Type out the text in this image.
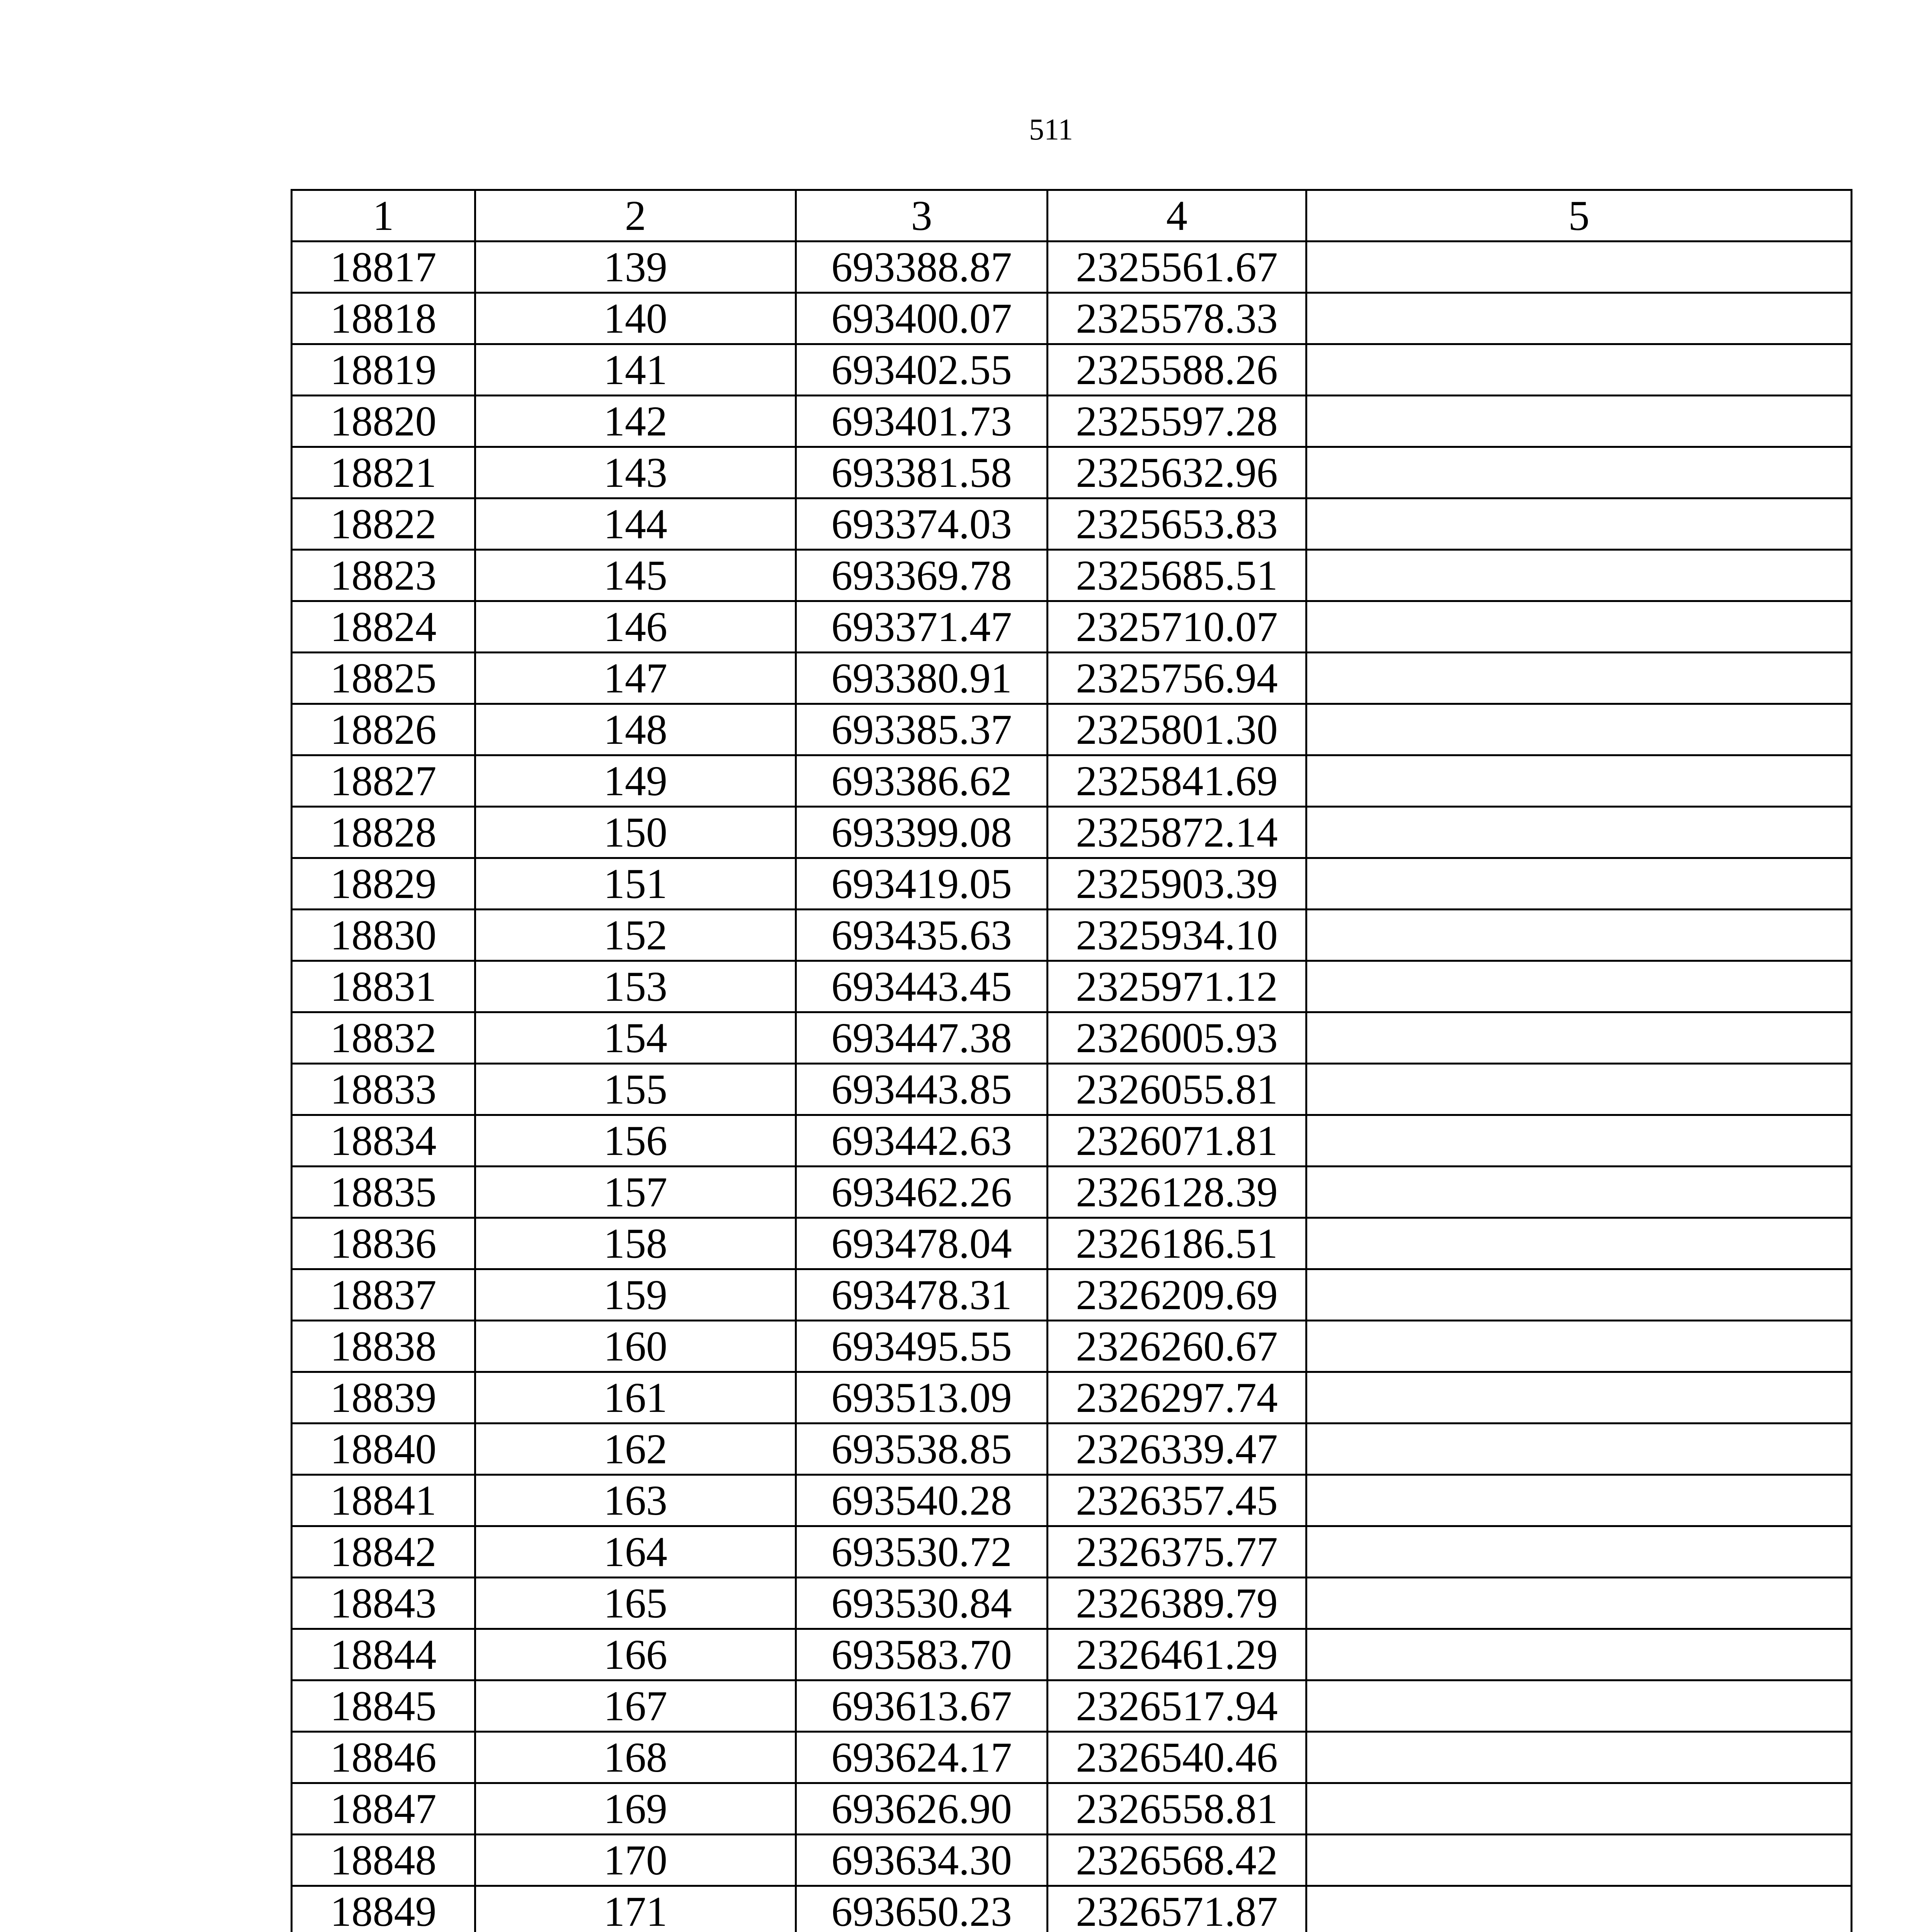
511
1	2	3	4	5
18817	139	693388.87	2325561.67	
18818	140	693400.07	2325578.33	
18819	141	693402.55	2325588.26	
18820	142	693401.73	2325597.28	
18821	143	693381.58	2325632.96	
18822	144	693374.03	2325653.83	
18823	145	693369.78	2325685.51	
18824	146	693371.47	2325710.07	
18825	147	693380.91	2325756.94	
18826	148	693385.37	2325801.30	
18827	149	693386.62	2325841.69	
18828	150	693399.08	2325872.14	
18829	151	693419.05	2325903.39	
18830	152	693435.63	2325934.10	
18831	153	693443.45	2325971.12	
18832	154	693447.38	2326005.93	
18833	155	693443.85	2326055.81	
18834	156	693442.63	2326071.81	
18835	157	693462.26	2326128.39	
18836	158	693478.04	2326186.51	
18837	159	693478.31	2326209.69	
18838	160	693495.55	2326260.67	
18839	161	693513.09	2326297.74	
18840	162	693538.85	2326339.47	
18841	163	693540.28	2326357.45	
18842	164	693530.72	2326375.77	
18843	165	693530.84	2326389.79	
18844	166	693583.70	2326461.29	
18845	167	693613.67	2326517.94	
18846	168	693624.17	2326540.46	
18847	169	693626.90	2326558.81	
18848	170	693634.30	2326568.42	
18849	171	693650.23	2326571.87	
